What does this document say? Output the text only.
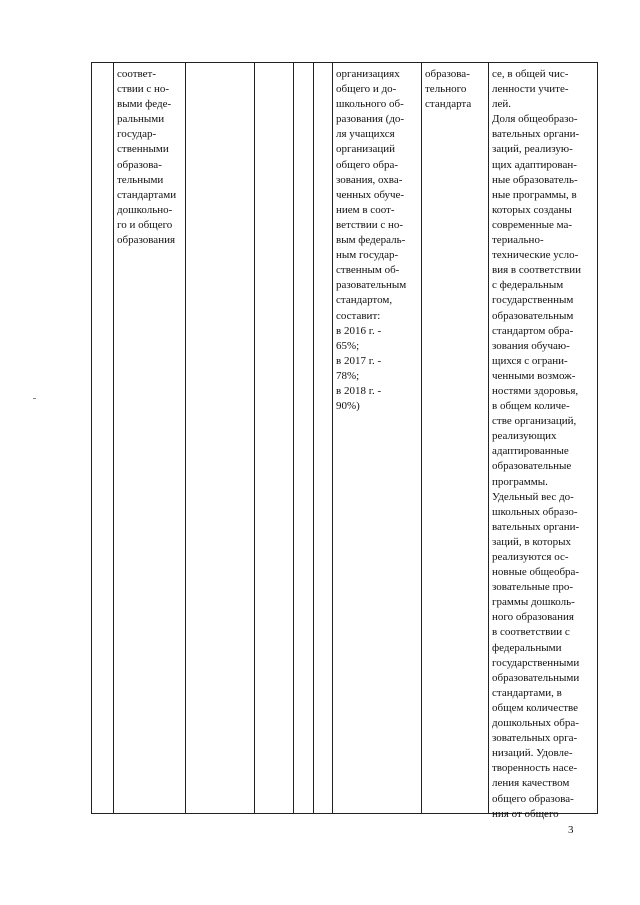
соответ-
ствии с но-
выми федe-
ральными
государ-
ственными
образова-
тельными
стандартами
дошкольно-
го и общего
образования
организациях
общего и до-
школьного об-
разования (до-
ля учащихся
организаций
общего обра-
зования, охва-
ченных обуче-
нием в соот-
ветствии с но-
вым федераль-
ным государ-
ственным об-
разовательным
стандартом,
составит:
в 2016 г. -
65%;
в 2017 г. -
78%;
в 2018 г. -
90%)
образова-
тельного
стандарта
се, в общей чис-
ленности учите-
лей.
Доля общеобразо-
вательных органи-
заций, реализую-
щих адаптирован-
ные образователь-
ные программы, в
которых созданы
современные ма-
териально-
технические усло-
вия в соответствии
с федеральным
государственным
образовательным
стандартом обра-
зования обучаю-
щихся с ограни-
ченными возмож-
ностями здоровья,
в общем количе-
стве организаций,
реализующих
адаптированные
образовательные
программы.
Удельный вес до-
школьных образо-
вательных органи-
заций, в которых
реализуются ос-
новные общеобра-
зовательные про-
граммы дошколь-
ного образования
в соответствии с
федеральными
государственными
образовательными
стандартами, в
общем количестве
дошкольных обра-
зовательных орга-
низаций. Удовле-
творенность насе-
ления качеством
общего образова-
ния от общего
3
